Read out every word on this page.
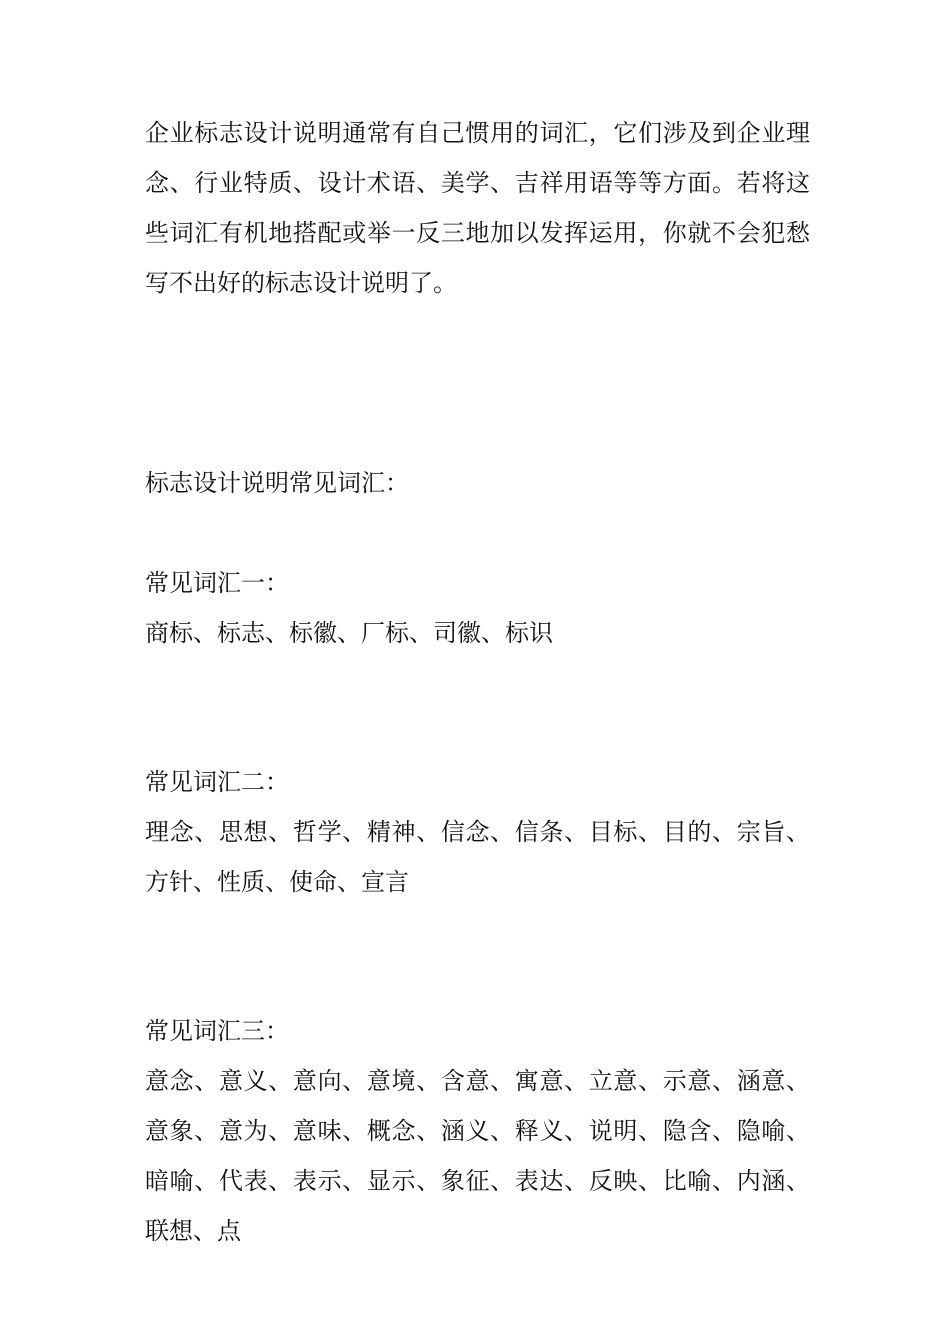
企业标志设计说明通常有自己惯用的词汇，它们涉及到企业理念、行业特质、设计术语、美学、吉祥用语等等方面。若将这些词汇有机地搭配或举一反三地加以发挥运用，你就不会犯愁写不出好的标志设计说明了。

标志设计说明常见词汇：

常见词汇一：

商标、标志、标徽、厂标、司徽、标识

常见词汇二：

理念、思想、哲学、精神、信念、信条、目标、目的、宗旨、方针、性质、使命、宣言

常见词汇三：

意念、意义、意向、意境、含意、寓意、立意、示意、涵意、意象、意为、意味、概念、涵义、释义、说明、隐含、隐喻、暗喻、代表、表示、显示、象征、表达、反映、比喻、内涵、联想、点
